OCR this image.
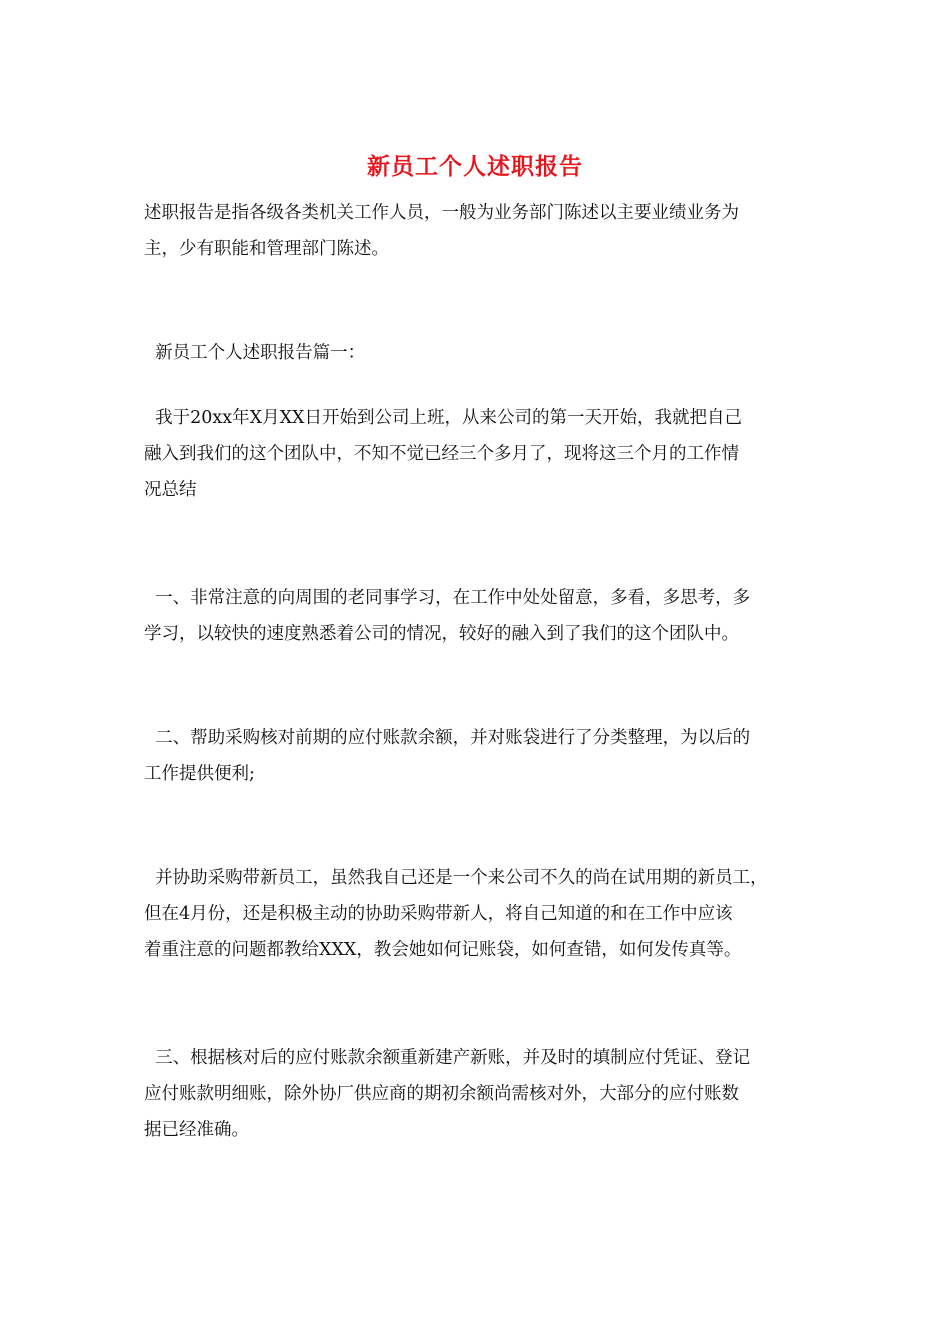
新员工个人述职报告

述职报告是指各级各类机关工作人员，一般为业务部门陈述以主要业绩业务为
主，少有职能和管理部门陈述。

新员工个人述职报告篇一：

我于20xx年X月XX日开始到公司上班，从来公司的第一天开始，我就把自己
融入到我们的这个团队中，不知不觉已经三个多月了，现将这三个月的工作情
况总结

一、非常注意的向周围的老同事学习，在工作中处处留意，多看，多思考，多
学习，以较快的速度熟悉着公司的情况，较好的融入到了我们的这个团队中。

二、帮助采购核对前期的应付账款余额，并对账袋进行了分类整理，为以后的
工作提供便利;

并协助采购带新员工，虽然我自己还是一个来公司不久的尚在试用期的新员工，
但在4月份，还是积极主动的协助采购带新人，将自己知道的和在工作中应该
着重注意的问题都教给XXX，教会她如何记账袋，如何查错，如何发传真等。

三、根据核对后的应付账款余额重新建产新账，并及时的填制应付凭证、登记
应付账款明细账，除外协厂供应商的期初余额尚需核对外，大部分的应付账数
据已经准确。
